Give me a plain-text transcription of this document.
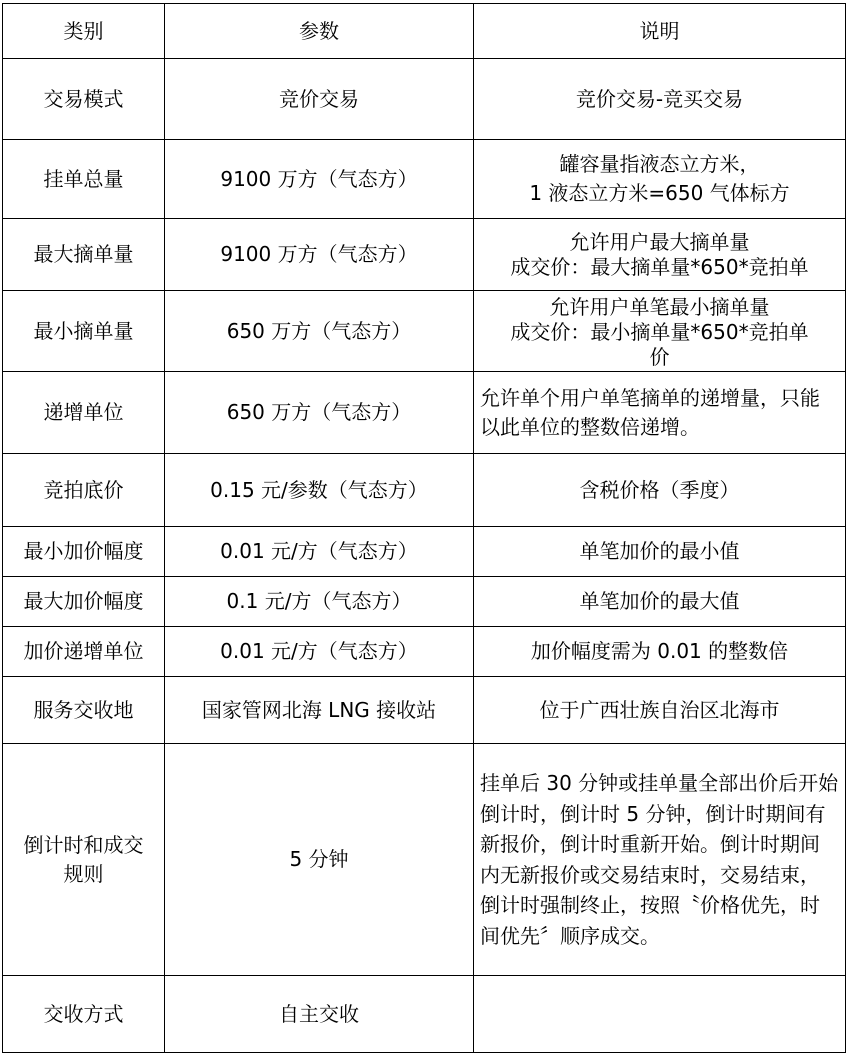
类别	参数	说明
交易模式	竞价交易	竞价交易-竞买交易
挂单总量	9100 万方（气态方）	罐容量指液态立方米，
1 液态立方米=650 气体标方

最大摘单量	9100 万方（气态方）	允许用户最大摘单量
成交价：最大摘单量*650*竞拍单

最小摘单量	650 万方（气态方）	允许用户单笔最小摘单量
成交价：最小摘单量*650*竞拍单
价

递增单位	650 万方（气态方）	允许单个用户单笔摘单的递增量，只能以此单位的整数倍递增。
竞拍底价	0.15 元/参数（气态方）	含税价格（季度）
最小加价幅度	0.01 元/方（气态方）	单笔加价的最小值
最大加价幅度	0.1 元/方（气态方）	单笔加价的最大值
加价递增单位	0.01 元/方（气态方）	加价幅度需为 0.01 的整数倍
服务交收地	国家管网北海 LNG 接收站	位于广西壮族自治区北海市

倒计时和成交
规则	5 分钟	挂单后 30 分钟或挂单量全部出价后开始倒计时，倒计时 5 分钟，倒计时期间有新报价，倒计时重新开始。倒计时期间内无新报价或交易结束时，交易结束，倒计时强制终止，按照〝价格优先，时间优先〞顺序成交。
交收方式	自主交收	
